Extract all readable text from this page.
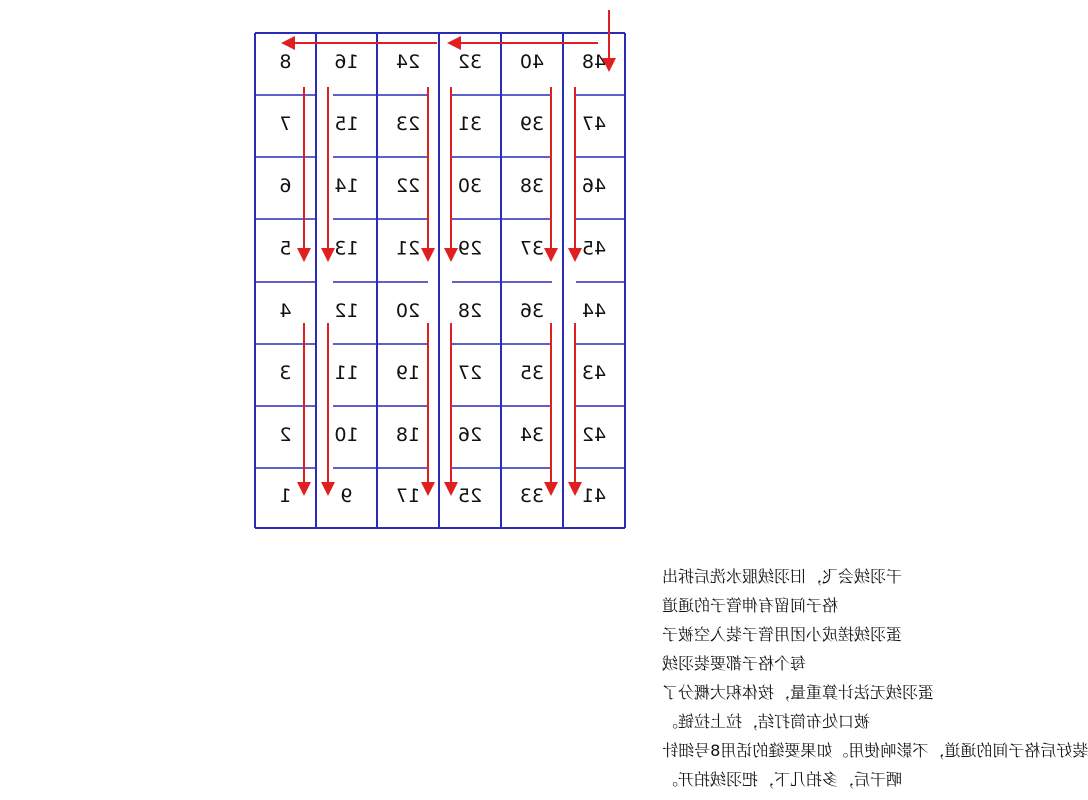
8
7
6
5
4
3
2
1
16
15
14
13
12
11
10
9
24
23
22
21
20
19
18
17
32
31
30
29
28
27
26
25
40
39
38
37
36
35
34
33
48
47
46
45
44
43
42
41
干羽绒会飞，旧羽绒服水洗后拆出
格子间留有伸管子的通道
蛋羽绒搓成小团用管子装入空被子
每个格子都要装羽绒
蛋羽绒无法计算重量，按体积大概分了
被口处布筒打结，拉上拉链。
装好后格子间的通道，不影响使用。如果要缝的话用8号细针
晒干后，多拍几下，把羽绒拍开。
